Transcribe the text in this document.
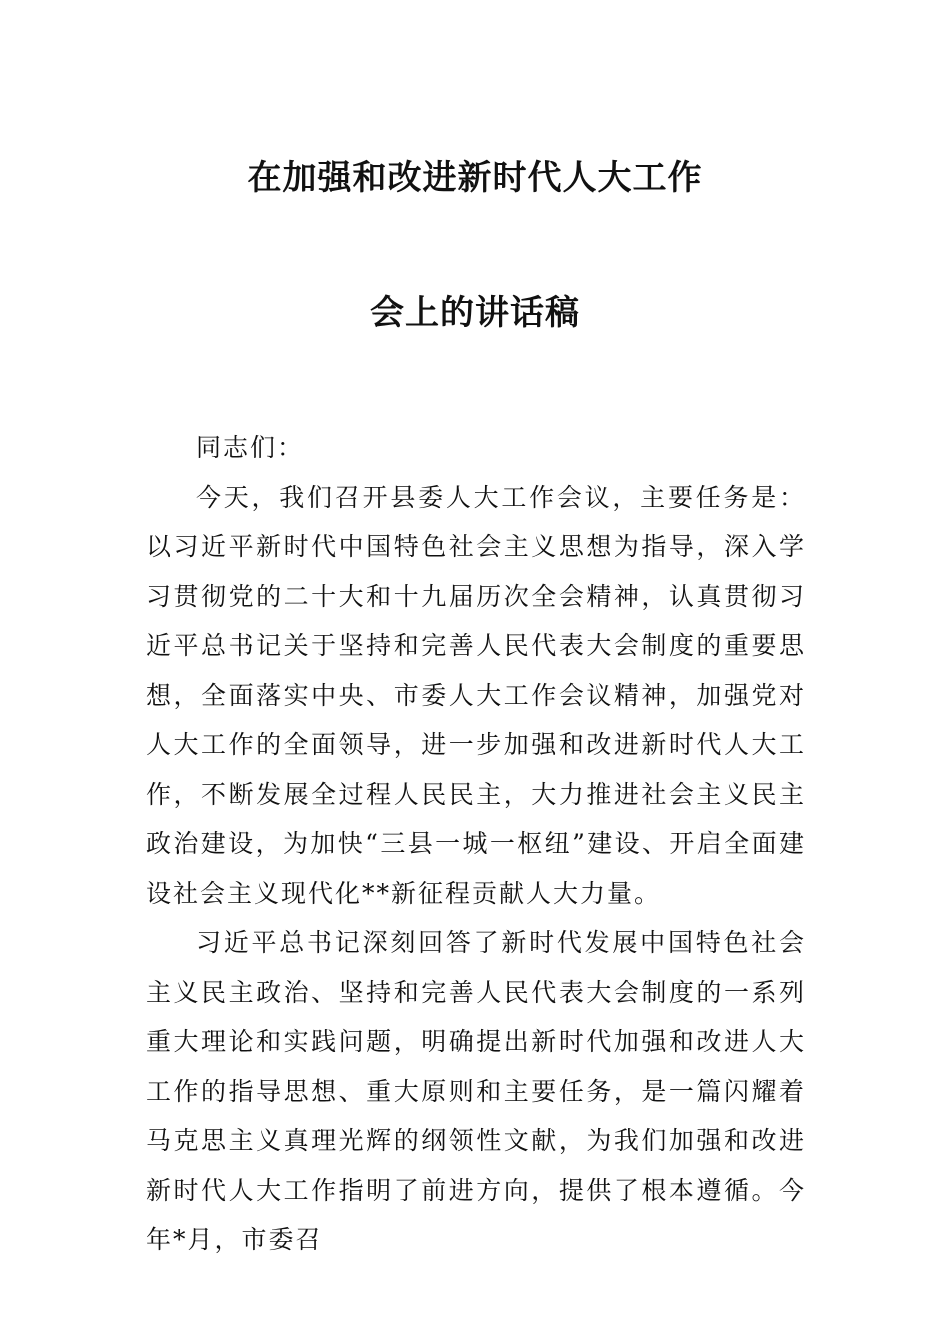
在加强和改进新时代人大工作
会上的讲话稿

同志们：

今天，我们召开县委人大工作会议，主要任务是：以习近平新时代中国特色社会主义思想为指导，深入学习贯彻党的二十大和十九届历次全会精神，认真贯彻习近平总书记关于坚持和完善人民代表大会制度的重要思想，全面落实中央、市委人大工作会议精神，加强党对人大工作的全面领导，进一步加强和改进新时代人大工作，不断发展全过程人民民主，大力推进社会主义民主政治建设，为加快“三县一城一枢纽”建设、开启全面建设社会主义现代化**新征程贡献人大力量。

习近平总书记深刻回答了新时代发展中国特色社会主义民主政治、坚持和完善人民代表大会制度的一系列重大理论和实践问题，明确提出新时代加强和改进人大工作的指导思想、重大原则和主要任务，是一篇闪耀着马克思主义真理光辉的纲领性文献，为我们加强和改进新时代人大工作指明了前进方向，提供了根本遵循。今年*月，市委召
